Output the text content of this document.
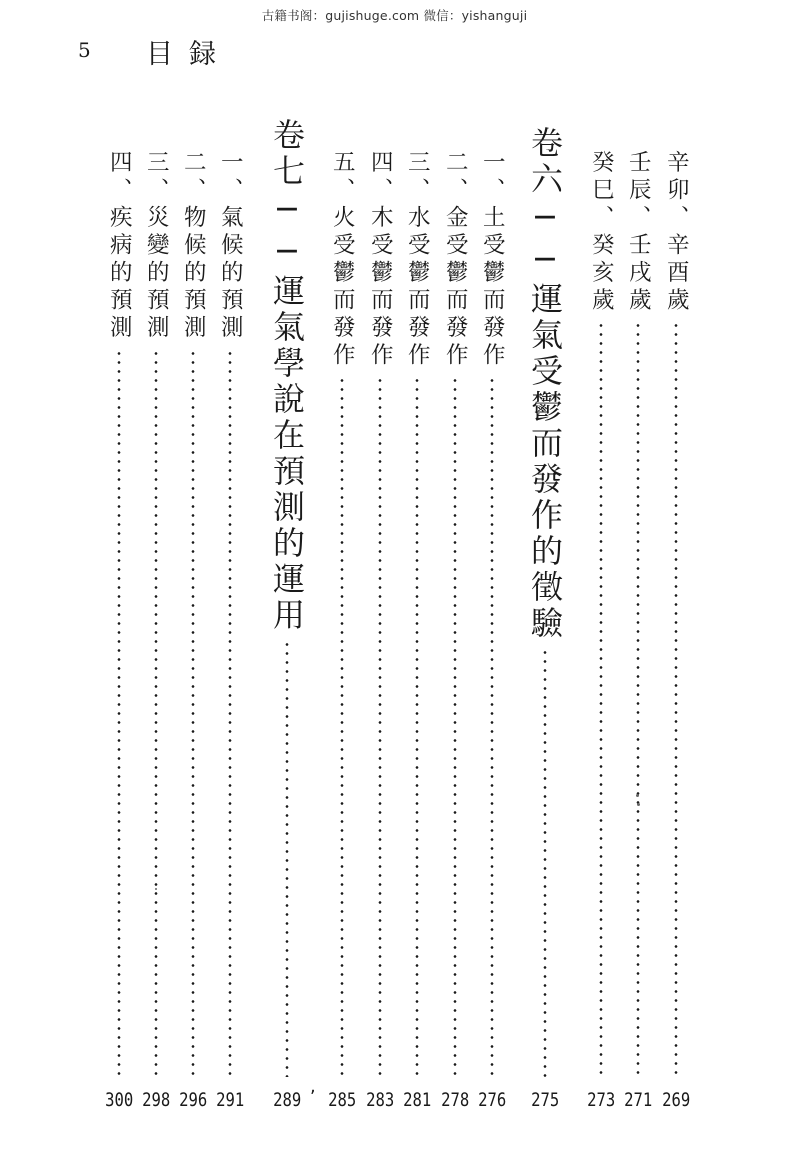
古籍书阁：gujishuge.com 微信：yishanguji
5 目録
辛卯、辛酉歲
269
壬辰、壬戌歲
271
癸巳、癸亥歲
273
卷六──運氣受鬱而發作的徵驗
275
一、土受鬱而發作
276
二、金受鬱而發作
278
三、水受鬱而發作
281
四、木受鬱而發作
283
五、火受鬱而發作
285
,
卷七──運氣學說在預測的運用
289
一、氣候的預測
291
二、物候的預測
296
三、災變的預測
298
四、疾病的預測
300
